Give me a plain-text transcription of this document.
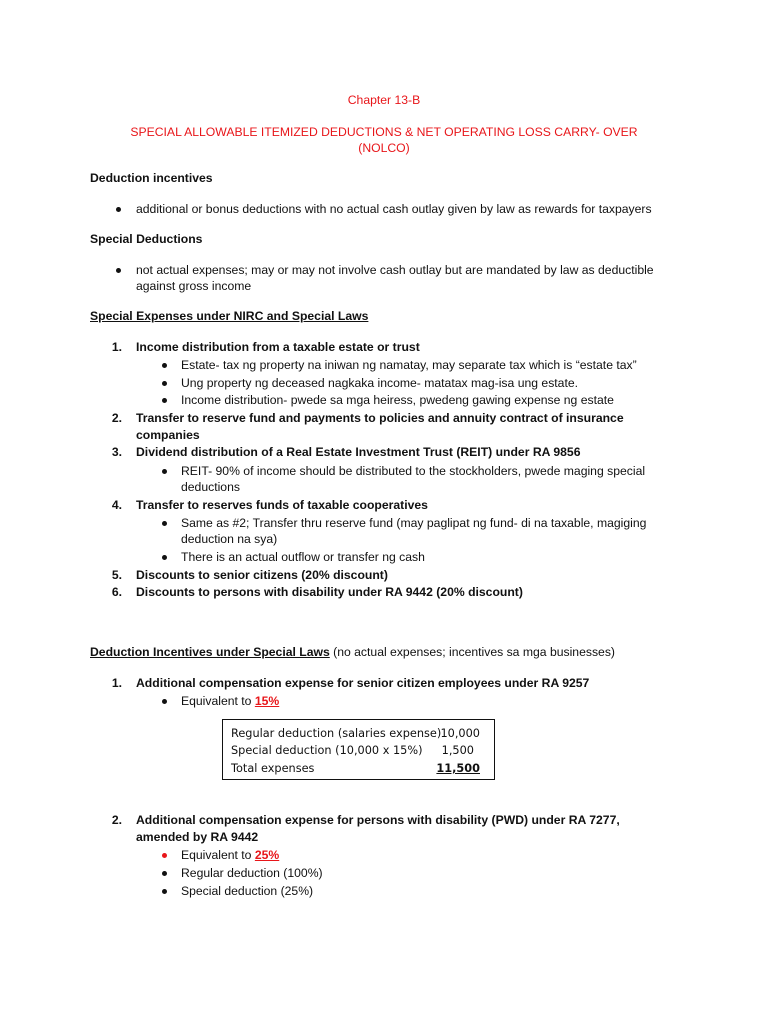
Chapter 13-B
SPECIAL ALLOWABLE ITEMIZED DEDUCTIONS & NET OPERATING LOSS CARRY- OVER
(NOLCO)
Deduction incentives
additional or bonus deductions with no actual cash outlay given by law as rewards for taxpayers
Special Deductions
not actual expenses; may or may not involve cash outlay but are mandated by law as deductible
against gross income
Special Expenses under NIRC and Special Laws
1. Income distribution from a taxable estate or trust
Estate- tax ng property na iniwan ng namatay, may separate tax which is “estate tax”
Ung property ng deceased nagkaka income- matatax mag-isa ung estate.
Income distribution- pwede sa mga heiress, pwedeng gawing expense ng estate
2. Transfer to reserve fund and payments to policies and annuity contract of insurance
companies
3. Dividend distribution of a Real Estate Investment Trust (REIT) under RA 9856
REIT- 90% of income should be distributed to the stockholders, pwede maging special
deductions
4. Transfer to reserves funds of taxable cooperatives
Same as #2; Transfer thru reserve fund (may paglipat ng fund- di na taxable, magiging
deduction na sya)
There is an actual outflow or transfer ng cash
5. Discounts to senior citizens (20% discount)
6. Discounts to persons with disability under RA 9442 (20% discount)
Deduction Incentives under Special Laws (no actual expenses; incentives sa mga businesses)
1. Additional compensation expense for senior citizen employees under RA 9257
Equivalent to 15%
Regular deduction (salaries expense) 10,000
Special deduction (10,000 x 15%) 1,500
Total expenses	11,500
2. Additional compensation expense for persons with disability (PWD) under RA 7277,
amended by RA 9442
Equivalent to 25%
Regular deduction (100%)
Special deduction (25%)
